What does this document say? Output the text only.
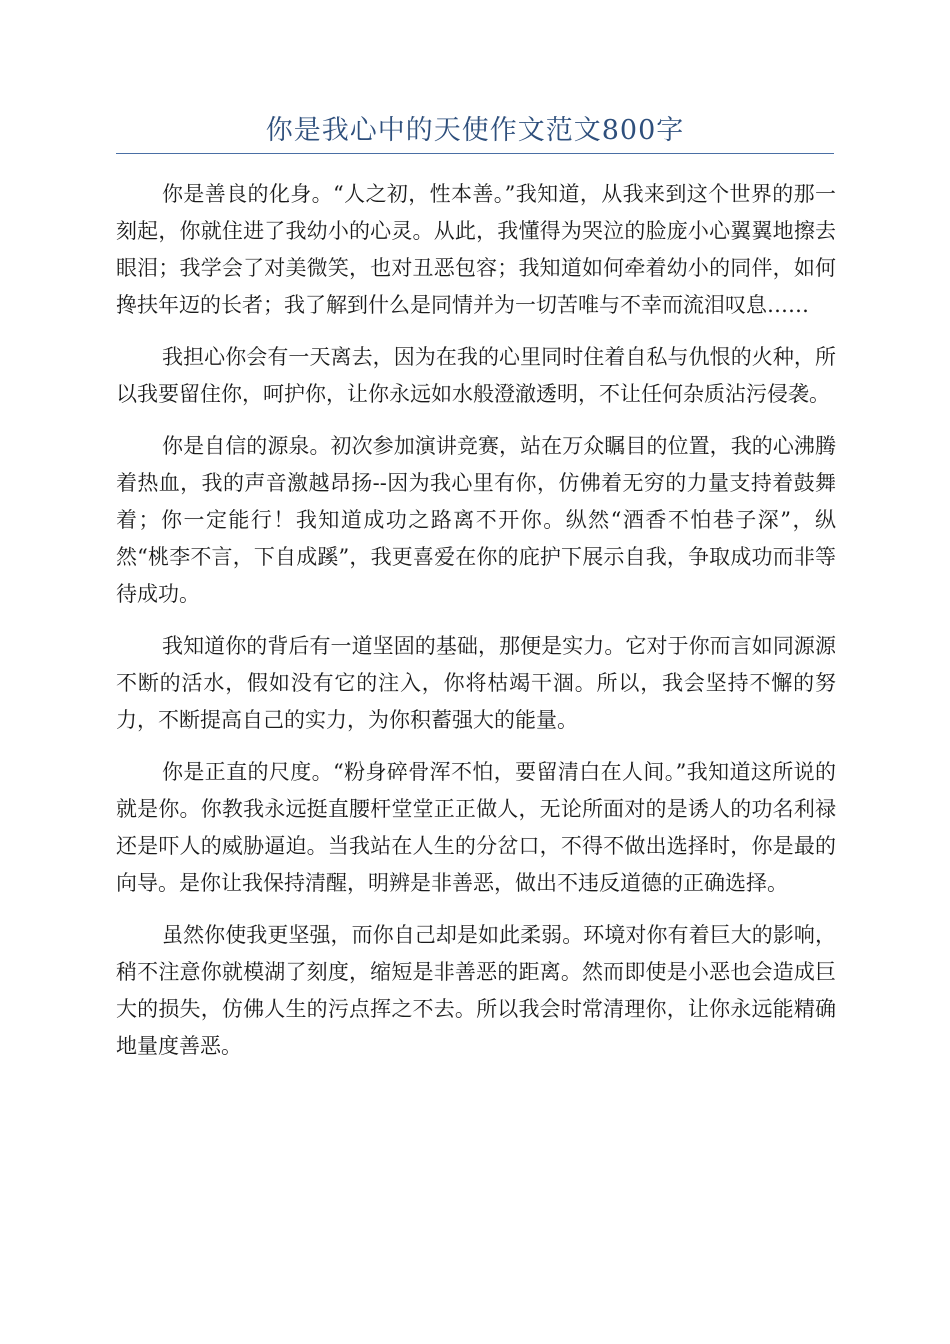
你是我心中的天使作文范文800字

你是善良的化身。“人之初，性本善。”我知道，从我来到这个世界的那一刻起，你就住进了我幼小的心灵。从此，我懂得为哭泣的脸庞小心翼翼地擦去眼泪；我学会了对美微笑，也对丑恶包容；我知道如何牵着幼小的同伴，如何搀扶年迈的长者；我了解到什么是同情并为一切苦唯与不幸而流泪叹息……

我担心你会有一天离去，因为在我的心里同时住着自私与仇恨的火种，所以我要留住你，呵护你，让你永远如水般澄澈透明，不让任何杂质沾污侵袭。

你是自信的源泉。初次参加演讲竞赛，站在万众瞩目的位置，我的心沸腾着热血，我的声音激越昂扬--因为我心里有你，仿佛着无穷的力量支持着鼓舞着；你一定能行！我知道成功之路离不开你。纵然“酒香不怕巷子深”，纵然“桃李不言，下自成蹊”，我更喜爱在你的庇护下展示自我，争取成功而非等待成功。

我知道你的背后有一道坚固的基础，那便是实力。它对于你而言如同源源不断的活水，假如没有它的注入，你将枯竭干涸。所以，我会坚持不懈的努力，不断提高自己的实力，为你积蓄强大的能量。

你是正直的尺度。“粉身碎骨浑不怕，要留清白在人间。”我知道这所说的就是你。你教我永远挺直腰杆堂堂正正做人，无论所面对的是诱人的功名利禄还是吓人的威胁逼迫。当我站在人生的分岔口，不得不做出选择时，你是最的向导。是你让我保持清醒，明辨是非善恶，做出不违反道德的正确选择。

虽然你使我更坚强，而你自己却是如此柔弱。环境对你有着巨大的影响，稍不注意你就模湖了刻度，缩短是非善恶的距离。然而即使是小恶也会造成巨大的损失，仿佛人生的污点挥之不去。所以我会时常清理你，让你永远能精确地量度善恶。
